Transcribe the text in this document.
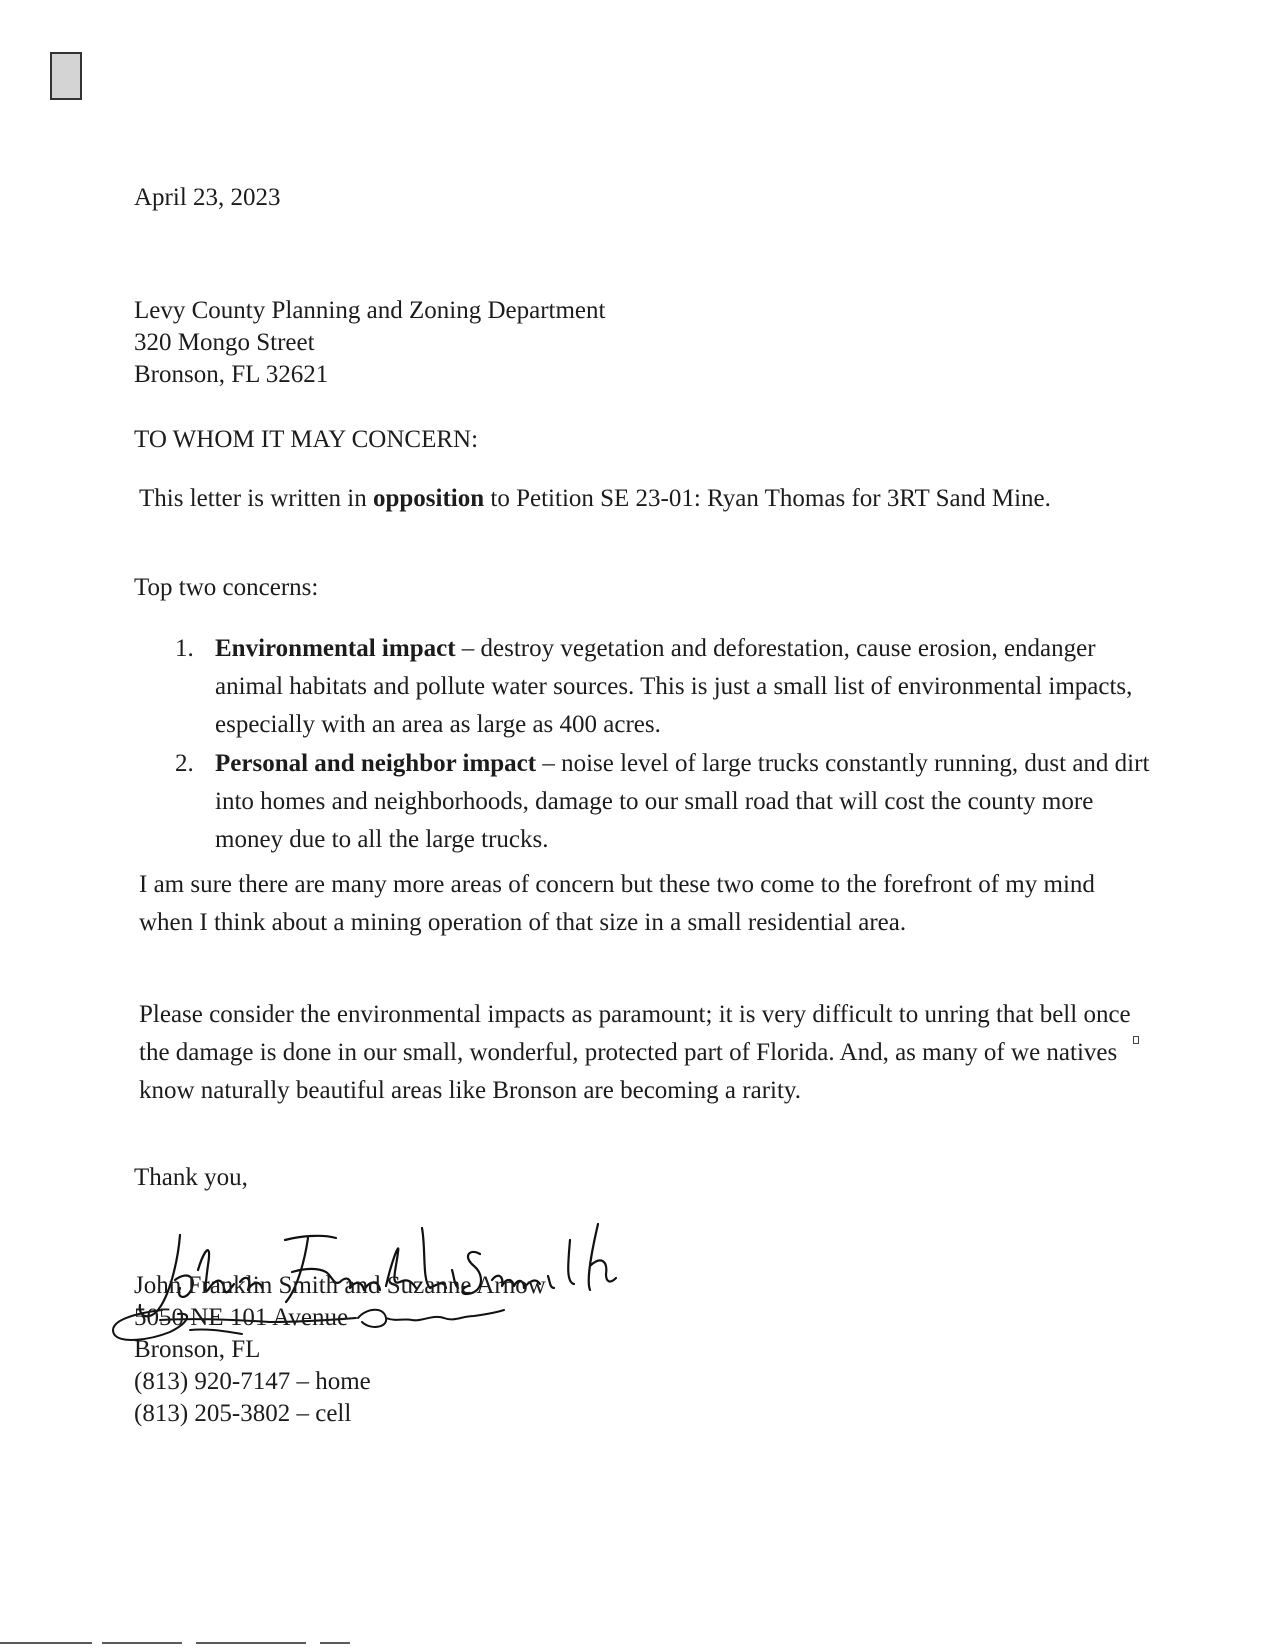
April 23, 2023
Levy County Planning and Zoning Department
320 Mongo Street
Bronson, FL 32621
TO WHOM IT MAY CONCERN:
This letter is written in opposition to Petition SE 23-01: Ryan Thomas for 3RT Sand Mine.
Top two concerns:
1. Environmental impact – destroy vegetation and deforestation, cause erosion, endanger animal habitats and pollute water sources. This is just a small list of environmental impacts, especially with an area as large as 400 acres.
2. Personal and neighbor impact – noise level of large trucks constantly running, dust and dirt into homes and neighborhoods, damage to our small road that will cost the county more money due to all the large trucks.
I am sure there are many more areas of concern but these two come to the forefront of my mind when I think about a mining operation of that size in a small residential area.
Please consider the environmental impacts as paramount; it is very difficult to unring that bell once the damage is done in our small, wonderful, protected part of Florida. And, as many of we natives know naturally beautiful areas like Bronson are becoming a rarity.
Thank you,
John Franklin Smith and Suzanne Arnow
5050 NE 101 Avenue
Bronson, FL
(813) 920-7147 – home
(813) 205-3802 – cell
